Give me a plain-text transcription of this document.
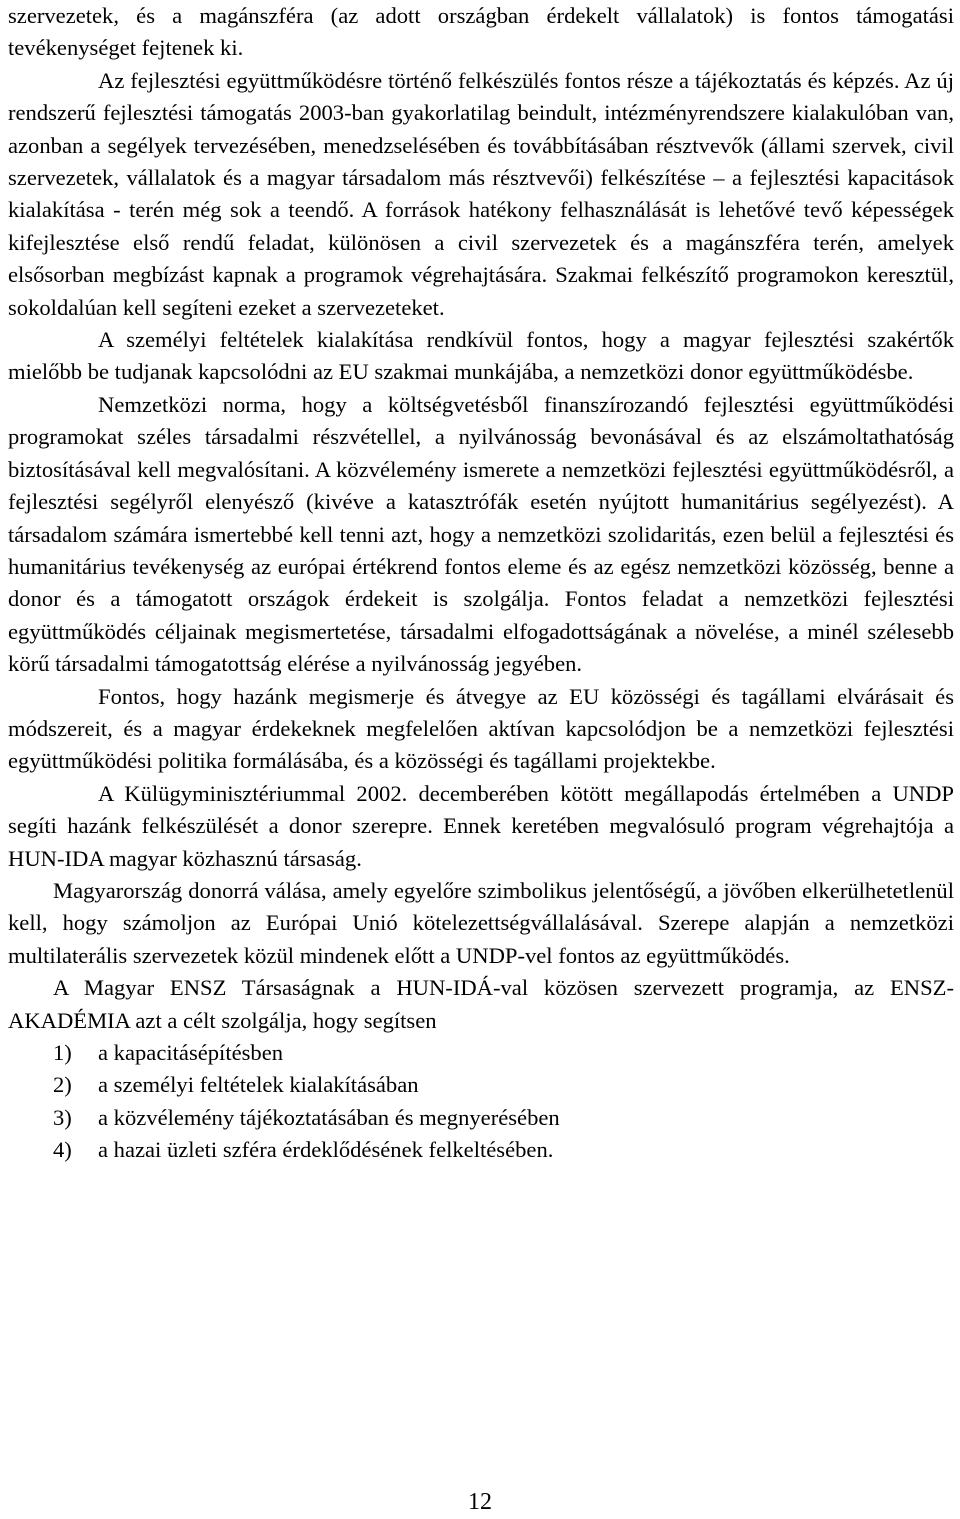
szervezetek, és a magánszféra (az adott országban érdekelt vállalatok) is fontos támogatási tevékenységet fejtenek ki.

Az fejlesztési együttműködésre történő felkészülés fontos része a tájékoztatás és képzés. Az új rendszerű fejlesztési támogatás 2003-ban gyakorlatilag beindult, intézményrendszere kialakulóban van, azonban a segélyek tervezésében, menedzselésében és továbbításában résztvevők (állami szervek, civil szervezetek, vállalatok és a magyar társadalom más résztvevői) felkészítése – a fejlesztési kapacitások kialakítása - terén még sok a teendő. A források hatékony felhasználását is lehetővé tevő képességek kifejlesztése első rendű feladat, különösen a civil szervezetek és a magánszféra terén, amelyek elsősorban megbízást kapnak a programok végrehajtására. Szakmai felkészítő programokon keresztül, sokoldalúan kell segíteni ezeket a szervezeteket.

A személyi feltételek kialakítása rendkívül fontos, hogy a magyar fejlesztési szakértők mielőbb be tudjanak kapcsolódni az EU szakmai munkájába, a nemzetközi donor együttműködésbe.

Nemzetközi norma, hogy a költségvetésből finanszírozandó fejlesztési együttműködési programokat széles társadalmi részvétellel, a nyilvánosság bevonásával és az elszámoltathatóság biztosításával kell megvalósítani. A közvélemény ismerete a nemzetközi fejlesztési együttműködésről, a fejlesztési segélyről elenyésző (kivéve a katasztrófák esetén nyújtott humanitárius segélyezést). A társadalom számára ismertebbé kell tenni azt, hogy a nemzetközi szolidaritás, ezen belül a fejlesztési és humanitárius tevékenység az európai értékrend fontos eleme és az egész nemzetközi közösség, benne a donor és a támogatott országok érdekeit is szolgálja. Fontos feladat a nemzetközi fejlesztési együttműködés céljainak megismertetése, társadalmi elfogadottságának a növelése, a minél szélesebb körű társadalmi támogatottság elérése a nyilvánosság jegyében.

Fontos, hogy hazánk megismerje és átvegye az EU közösségi és tagállami elvárásait és módszereit, és a magyar érdekeknek megfelelően aktívan kapcsolódjon be a nemzetközi fejlesztési együttműködési politika formálásába, és a közösségi és tagállami projektekbe.

A Külügyminisztériummal 2002. decemberében kötött megállapodás értelmében a UNDP segíti hazánk felkészülését a donor szerepre. Ennek keretében megvalósuló program végrehajtója a HUN-IDA magyar közhasznú társaság.

Magyarország donorrá válása, amely egyelőre szimbolikus jelentőségű, a jövőben elkerülhetetlenül kell, hogy számoljon az Európai Unió kötelezettségvállalásával. Szerepe alapján a nemzetközi multilaterális szervezetek közül mindenek előtt a UNDP-vel fontos az együttműködés.

A Magyar ENSZ Társaságnak a HUN-IDÁ-val közösen szervezett programja, az ENSZ-AKADÉMIA azt a célt szolgálja, hogy segítsen

1)	a kapacitásépítésben
2)	a személyi feltételek kialakításában
3)	a közvélemény tájékoztatásában és megnyerésében
4)	a hazai üzleti szféra érdeklődésének felkeltésében.
12
